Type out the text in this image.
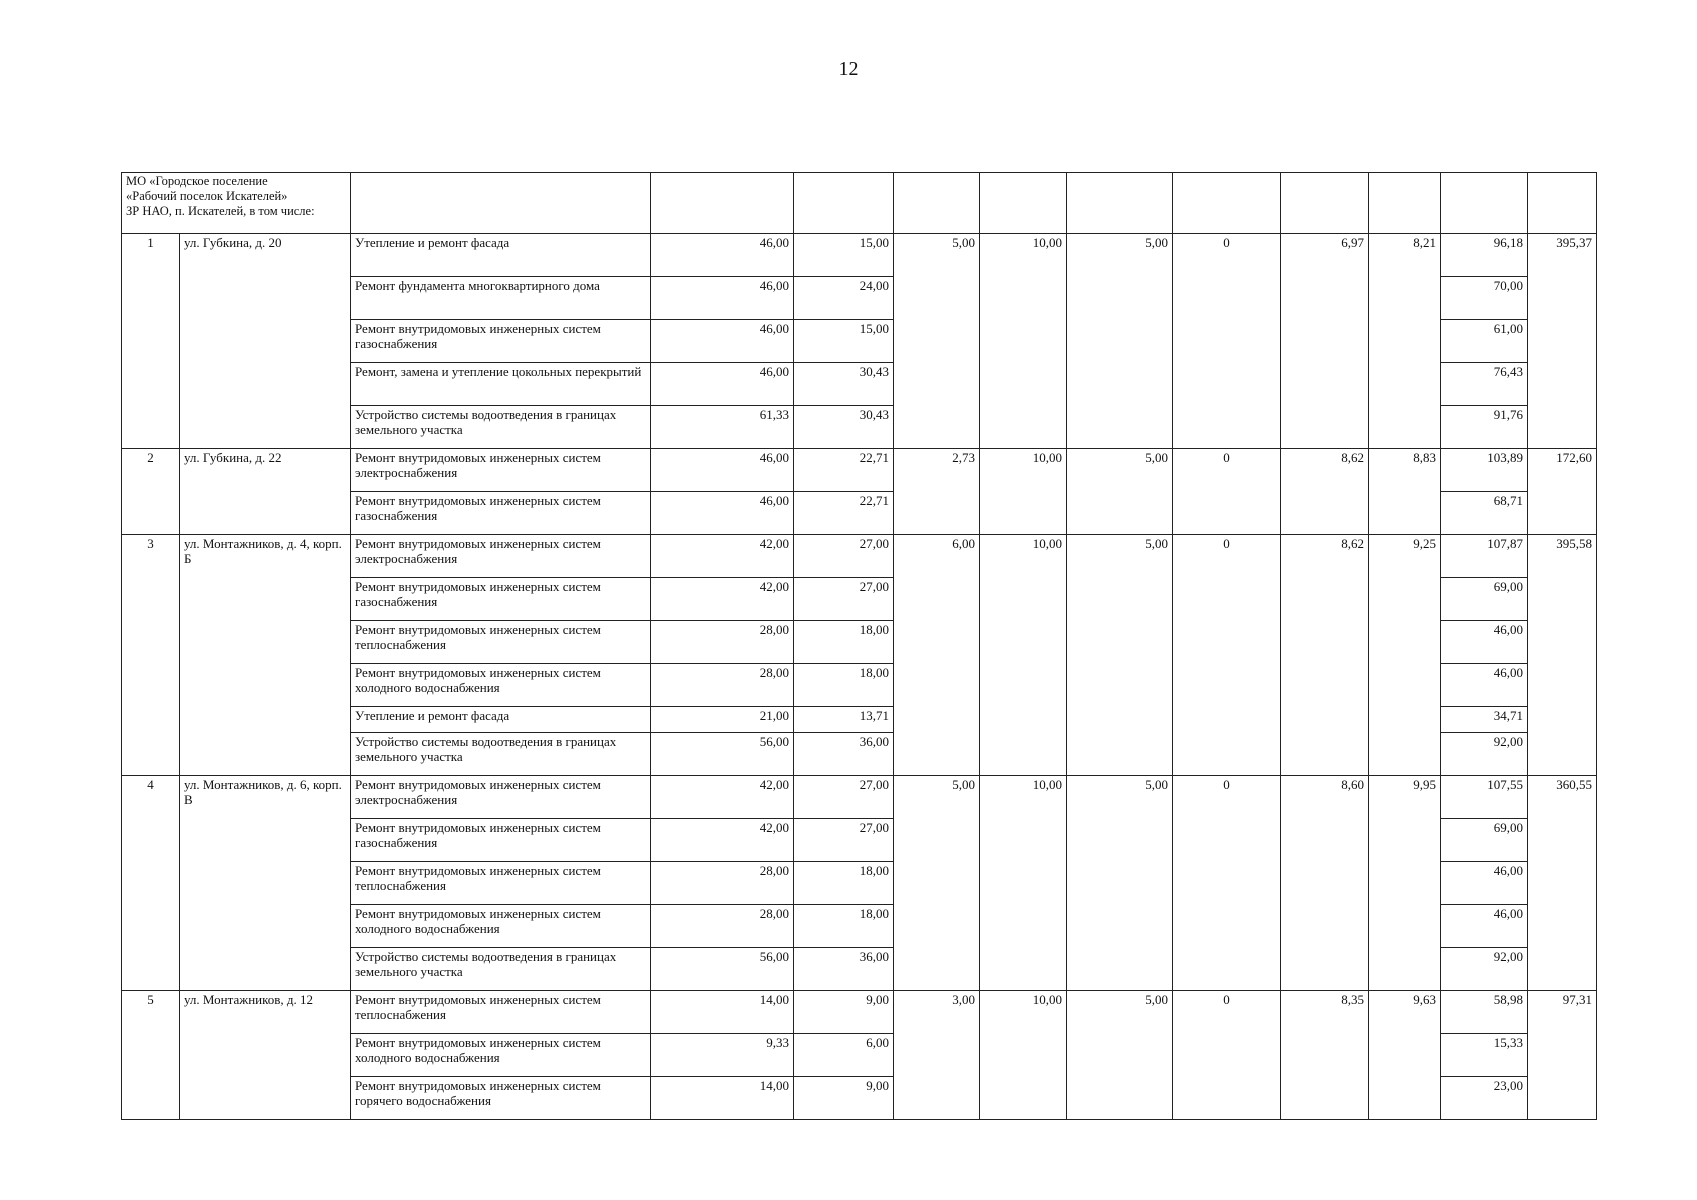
12
МО «Городское поселение
«Рабочий поселок Искателей»
ЗР НАО, п. Искателей, в том числе:												

1	ул. Губкина, д. 20	Утепление и ремонт фасада	46,00	15,00	5,00	10,00	5,00	0	6,97	8,21	96,18	395,37
		Ремонт фундамента многоквартирного дома	46,00	24,00							70,00	
		Ремонт внутридомовых инженерных систем газоснабжения	46,00	15,00							61,00	
		Ремонт, замена и утепление цокольных перекрытий	46,00	30,43							76,43	
		Устройство системы водоотведения в границах земельного участка	61,33	30,43							91,76	
2	ул. Губкина, д. 22	Ремонт внутридомовых инженерных систем электроснабжения	46,00	22,71	2,73	10,00	5,00	0	8,62	8,83	103,89	172,60
		Ремонт внутридомовых инженерных систем газоснабжения	46,00	22,71							68,71	
3	ул. Монтажников, д. 4, корп. Б	Ремонт внутридомовых инженерных систем электроснабжения	42,00	27,00	6,00	10,00	5,00	0	8,62	9,25	107,87	395,58
		Ремонт внутридомовых инженерных систем газоснабжения	42,00	27,00							69,00	
		Ремонт внутридомовых инженерных систем теплоснабжения	28,00	18,00							46,00	
		Ремонт внутридомовых инженерных систем холодного водоснабжения	28,00	18,00							46,00	
		Утепление и ремонт фасада	21,00	13,71							34,71	
		Устройство системы водоотведения в границах земельного участка	56,00	36,00							92,00	
4	ул. Монтажников, д. 6, корп. В	Ремонт внутридомовых инженерных систем электроснабжения	42,00	27,00	5,00	10,00	5,00	0	8,60	9,95	107,55	360,55
		Ремонт внутридомовых инженерных систем газоснабжения	42,00	27,00							69,00	
		Ремонт внутридомовых инженерных систем теплоснабжения	28,00	18,00							46,00	
		Ремонт внутридомовых инженерных систем холодного водоснабжения	28,00	18,00							46,00	
		Устройство системы водоотведения в границах земельного участка	56,00	36,00							92,00	
5	ул. Монтажников, д. 12	Ремонт внутридомовых инженерных систем теплоснабжения	14,00	9,00	3,00	10,00	5,00	0	8,35	9,63	58,98	97,31
		Ремонт внутридомовых инженерных систем холодного водоснабжения	9,33	6,00							15,33	
		Ремонт внутридомовых инженерных систем горячего водоснабжения	14,00	9,00							23,00	
